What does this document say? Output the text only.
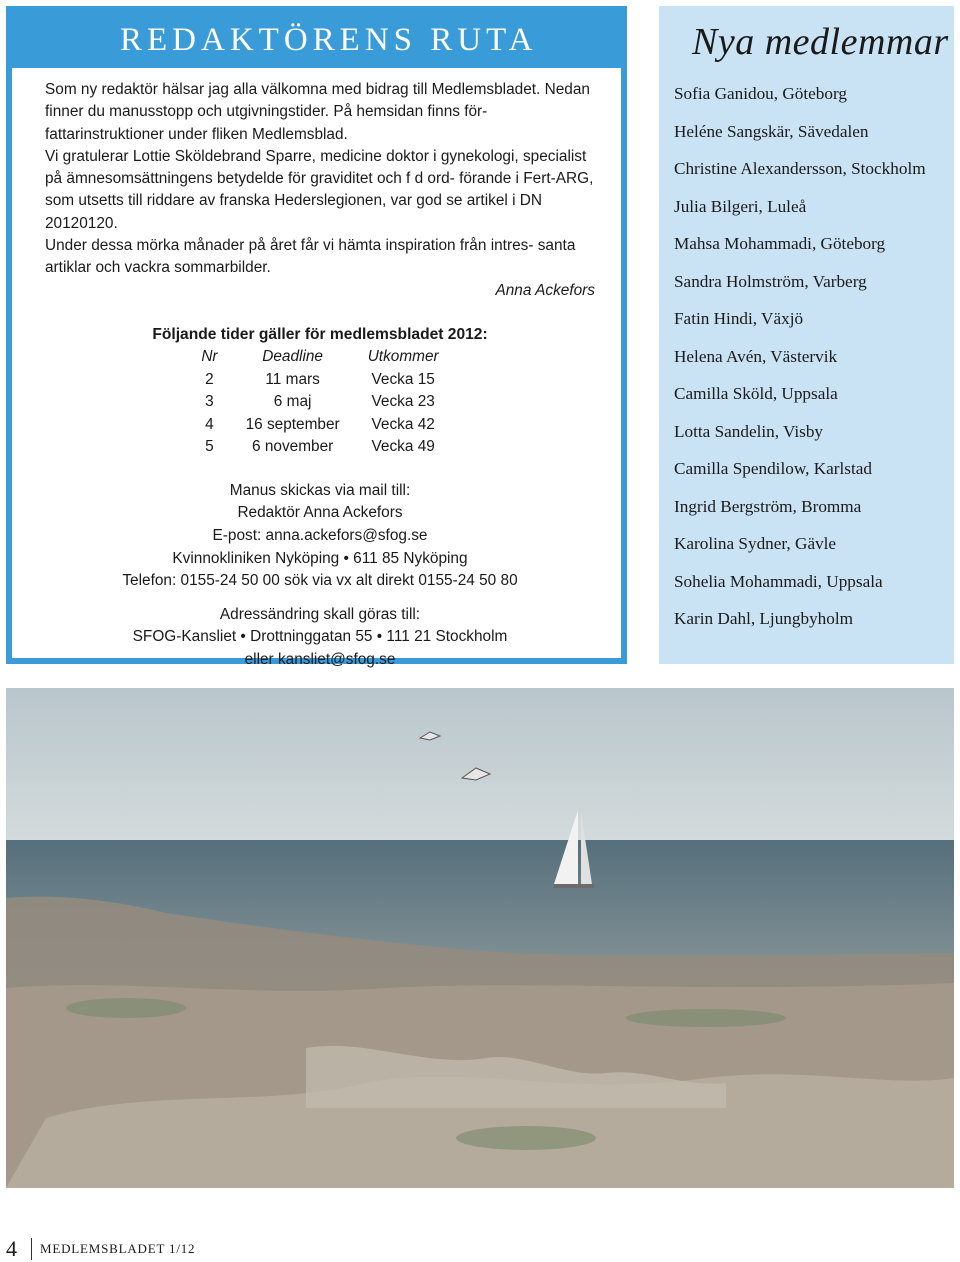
REDAKTÖRENS RUTA

Som ny redaktör hälsar jag alla välkomna med bidrag till Medlemsbladet. Nedan finner du manusstopp och utgivningstider. På hemsidan finns för- fattarinstruktioner under fliken Medlemsblad.

Vi gratulerar Lottie Sköldebrand Sparre, medicine doktor i gynekologi, specialist på ämnesomsättningens betydelde för graviditet och f d ord- förande i Fert-ARG, som utsetts till riddare av franska Hederslegionen, var god se artikel i DN 20120120.

Under dessa mörka månader på året får vi hämta inspiration från intres- santa artiklar och vackra sommarbilder.

Anna Ackefors

Följande tider gäller för medlemsbladet 2012:
Nr	Deadline	Utkommer
2	11 mars	Vecka 15
3	6 maj	Vecka 23
4	16 september	Vecka 42
5	6 november	Vecka 49
Manus skickas via mail till:
Redaktör Anna Ackefors
E-post: anna.ackefors@sfog.se
Kvinnokliniken Nyköping • 611 85 Nyköping
Telefon: 0155-24 50 00 sök via vx alt direkt 0155-24 50 80
Adressändring skall göras till:
SFOG-Kansliet • Drottninggatan 55 • 111 21 Stockholm
eller kansliet@sfog.se
Nya medlemmar
Sofia Ganidou, Göteborg
Heléne Sangskär, Sävedalen
Christine Alexandersson, Stockholm
Julia Bilgeri, Luleå
Mahsa Mohammadi, Göteborg
Sandra Holmström, Varberg
Fatin Hindi, Växjö
Helena Avén, Västervik
Camilla Sköld, Uppsala
Lotta Sandelin, Visby
Camilla Spendilow, Karlstad
Ingrid Bergström, Bromma
Karolina Sydner, Gävle
Sohelia Mohammadi, Uppsala
Karin Dahl, Ljungbyholm
4 MEDLEMSBLADET 1/12
